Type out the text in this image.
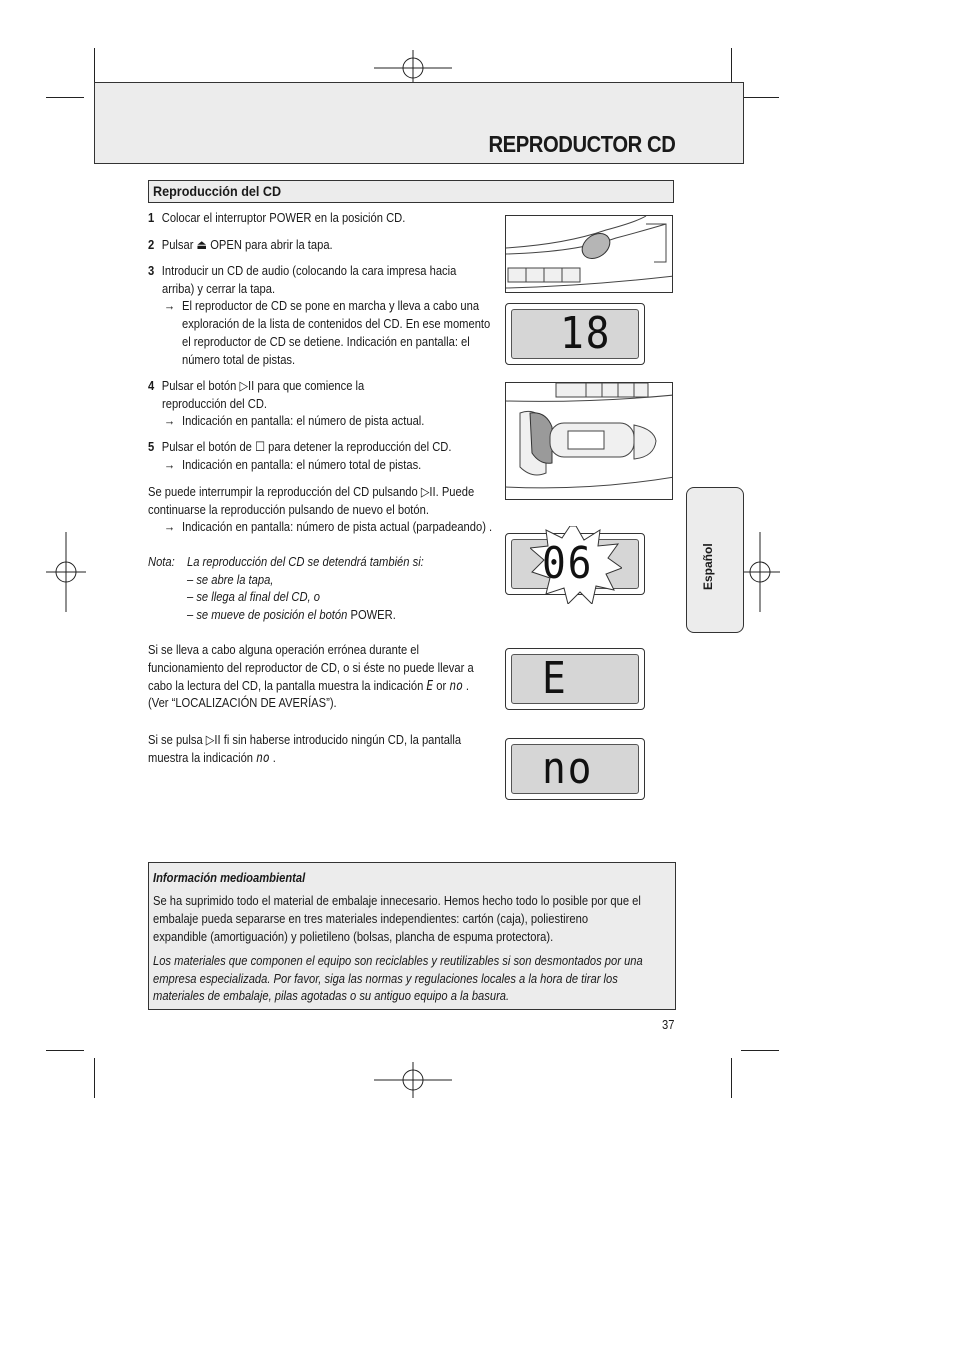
REPRODUCTOR CD
Reproducción del CD
1 Colocar el interruptor POWER en la posición CD.
2 Pulsar ⏏ OPEN para abrir la tapa.
3 Introducir un CD de audio (colocando la cara impresa hacia
arriba) y cerrar la tapa.
→ El reproductor de CD se pone en marcha y lleva a cabo una
exploración de la lista de contenidos del CD. En ese momento
el reproductor de CD se detiene. Indicación en pantalla: el
número total de pistas.
4 Pulsar el botón ▷II para que comience la
reproducción del CD.
→ Indicación en pantalla: el número de pista actual.
5 Pulsar el botón de ☐ para detener la reproducción del CD.
→ Indicación en pantalla: el número total de pistas.
Se puede interrumpir la reproducción del CD pulsando ▷II. Puede
continuarse la reproducción pulsando de nuevo el botón.
→ Indicación en pantalla: número de pista actual (parpadeando) .
Nota: La reproducción del CD se detendrá también si:
– se abre la tapa,
– se llega al final del CD, o
– se mueve de posición el botón POWER.
Si se lleva a cabo alguna operación errónea durante el
funcionamiento del reproductor de CD, o si éste no puede llevar a
cabo la lectura del CD, la pantalla muestra la indicación E or no .
(Ver “LOCALIZACIÓN DE AVERÍAS”).
Si se pulsa ▷II fi sin haberse introducido ningún CD, la pantalla
muestra la indicación no .
18
06
E
no
Español
Información medioambiental
Se ha suprimido todo el material de embalaje innecesario. Hemos hecho todo lo posible por que el
embalaje pueda separarse en tres materiales independientes: cartón (caja), poliestireno
expandible (amortiguación) y polietileno (bolsas, plancha de espuma protectora).
Los materiales que componen el equipo son reciclables y reutilizables si son desmontados por una
empresa especializada. Por favor, siga las normas y regulaciones locales a la hora de tirar los
materiales de embalaje, pilas agotadas o su antiguo equipo a la basura.
37
